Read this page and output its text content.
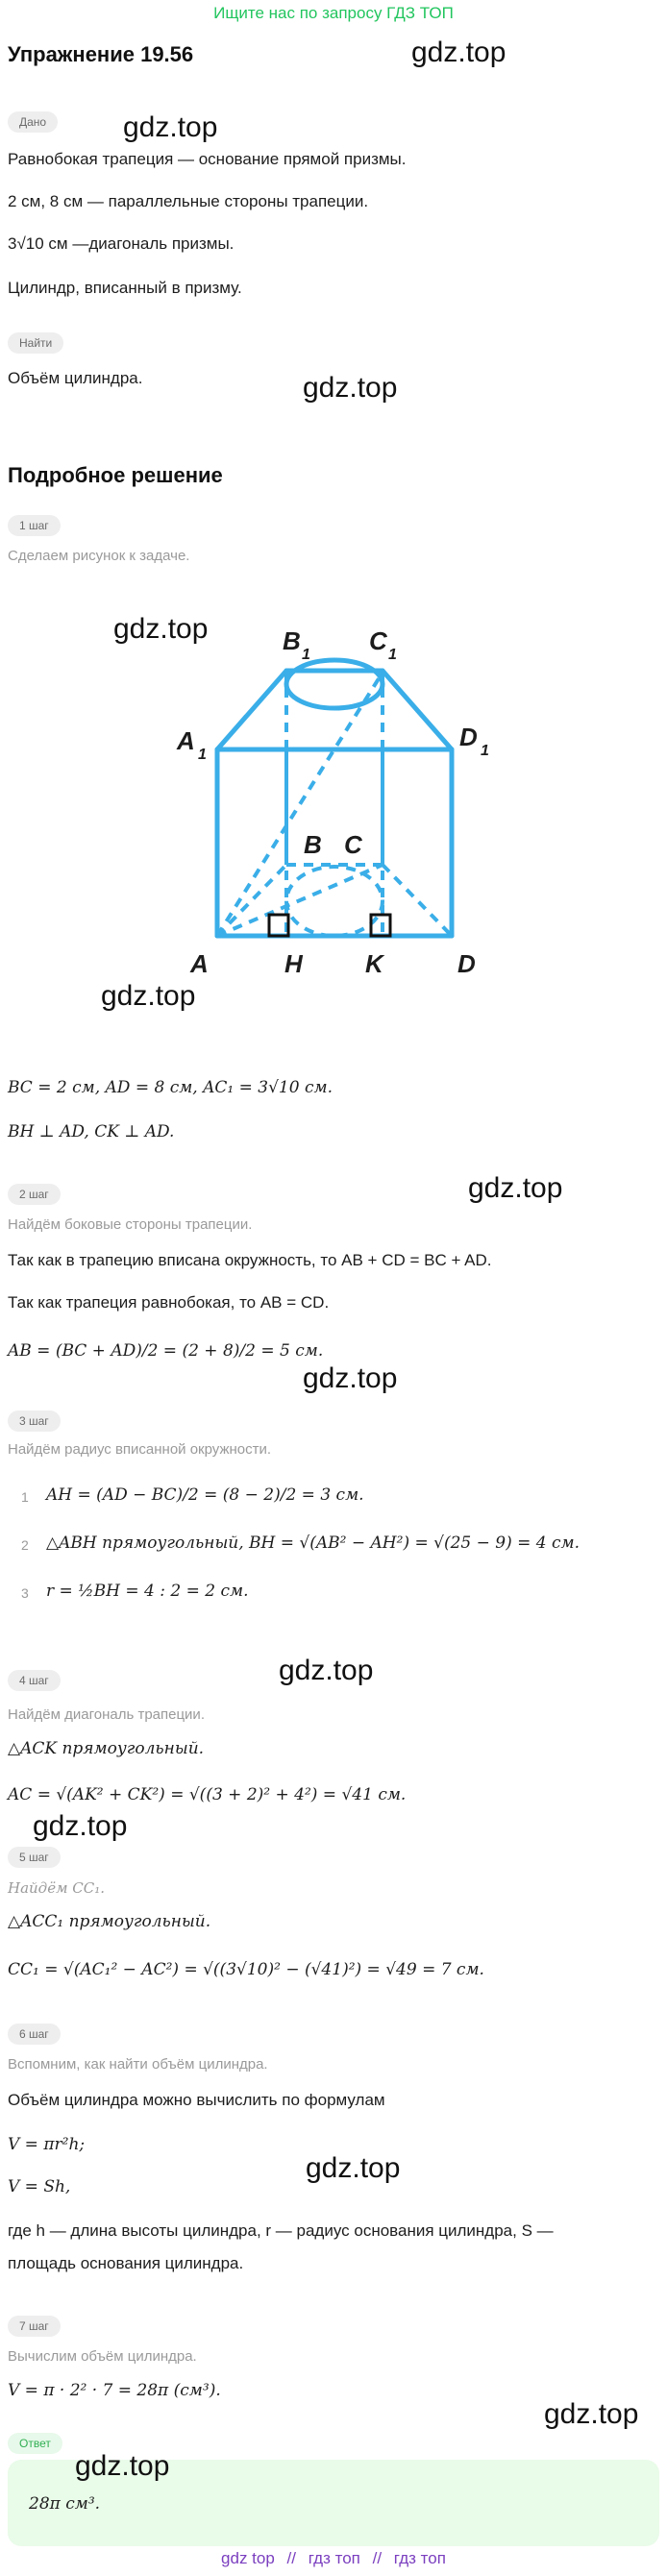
Ищите нас по запросу ГДЗ ТОП
Упражнение 19.56	gdz.top
Дано	gdz.top
Равнобокая трапеция — основание прямой призмы.
2 см, 8 см — параллельные стороны трапеции.
3√10 см —диагональ призмы.
Цилиндр, вписанный в призму.
Найти
Объём цилиндра.	gdz.top
Подробное решение
1 шаг
Сделаем рисунок к задаче.
gdz.top
A 1
B 1 C 1
D 1
B C
A	H	K	D
gdz.top
BC = 2 см, AD = 8 см, AC₁ = 3√10 см.
BH ⊥ AD, CK ⊥ AD.
2 шаг	gdz.top
Найдём боковые стороны трапеции.
Так как в трапецию вписана окружность, то AB + CD = BC + AD.
Так как трапеция равнобокая, то AB = CD.
AB = (BC + AD)/2 = (2 + 8)/2 = 5 см.
gdz.top
3 шаг
Найдём радиус вписанной окружности.
1 AH = (AD − BC)/2 = (8 − 2)/2 = 3 см.
2 △ABH прямоугольный, BH = √(AB² − AH²) = √(25 − 9) = 4 см.
3 r = ½BH = 4 : 2 = 2 см.
gdz.top
4 шаг
Найдём диагональ трапеции.
△ACK прямоугольный.
AC = √(AK² + CK²) = √((3 + 2)² + 4²) = √41 см.
gdz.top
5 шаг
Найдём CC₁.
△ACC₁ прямоугольный.
CC₁ = √(AC₁² − AC²) = √((3√10)² − (√41)²) = √49 = 7 см.
6 шаг
Вспомним, как найти объём цилиндра.
Объём цилиндра можно вычислить по формулам
V = πr²h;
V = Sh,
gdz.top
где h — длина высоты цилиндра, r — радиус основания цилиндра, S —
площадь основания цилиндра.
7 шаг
Вычислим объём цилиндра.
V = π · 2² · 7 = 28π (см³).
gdz.top
Ответ
gdz.top
28π см³.
gdz top // гдз топ // гдз топ
